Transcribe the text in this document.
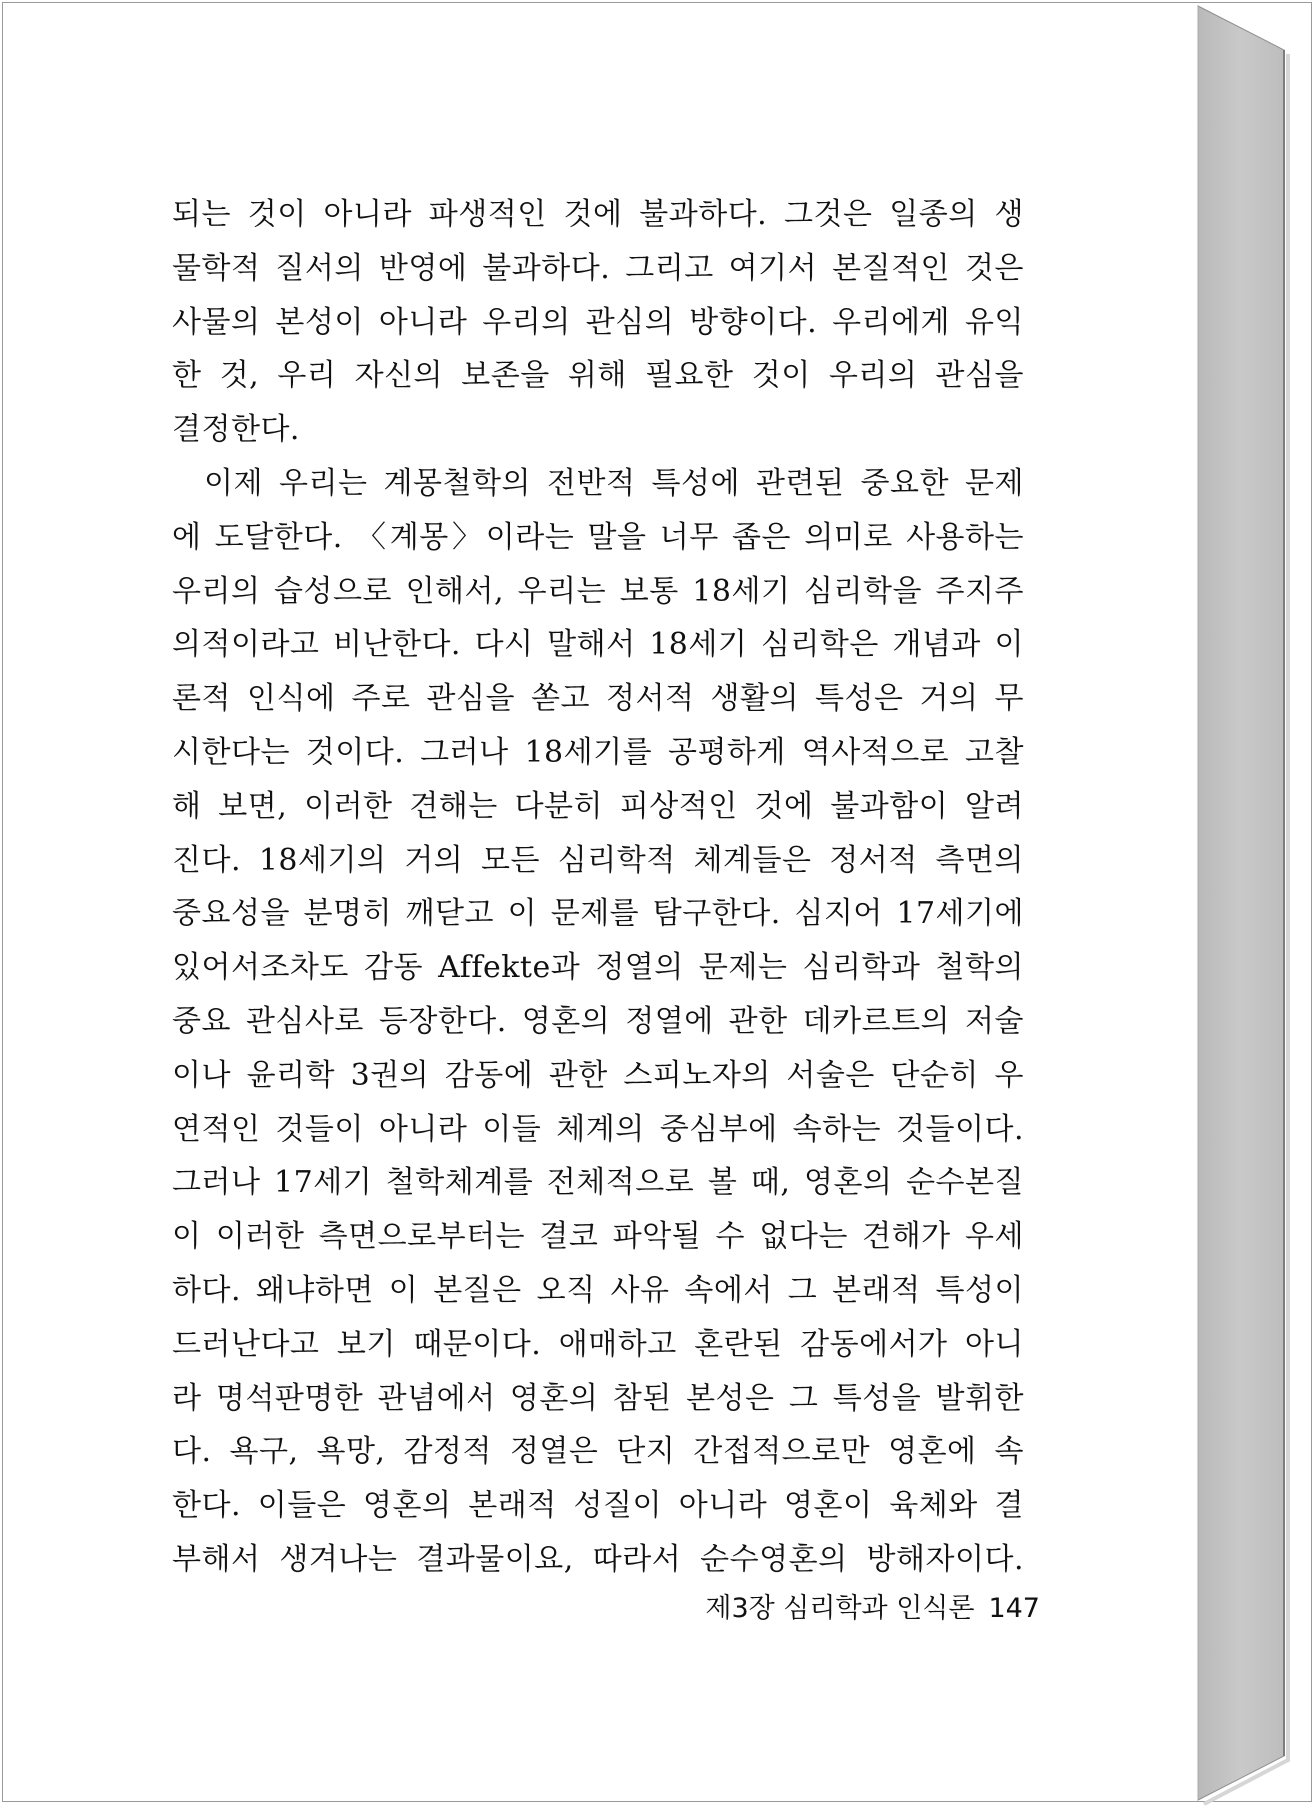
되는 것이 아니라 파생적인 것에 불과하다. 그것은 일종의 생
물학적 질서의 반영에 불과하다. 그리고 여기서 본질적인 것은
사물의 본성이 아니라 우리의 관심의 방향이다. 우리에게 유익
한 것, 우리 자신의 보존을 위해 필요한 것이 우리의 관심을
결정한다.
이제 우리는 계몽철학의 전반적 특성에 관련된 중요한 문제
에 도달한다. 〈계몽〉이라는 말을 너무 좁은 의미로 사용하는
우리의 습성으로 인해서, 우리는 보통 18세기 심리학을 주지주
의적이라고 비난한다. 다시 말해서 18세기 심리학은 개념과 이
론적 인식에 주로 관심을 쏟고 정서적 생활의 특성은 거의 무
시한다는 것이다. 그러나 18세기를 공평하게 역사적으로 고찰
해 보면, 이러한 견해는 다분히 피상적인 것에 불과함이 알려
진다. 18세기의 거의 모든 심리학적 체계들은 정서적 측면의
중요성을 분명히 깨닫고 이 문제를 탐구한다. 심지어 17세기에
있어서조차도 감동 Affekte과 정열의 문제는 심리학과 철학의
중요 관심사로 등장한다. 영혼의 정열에 관한 데카르트의 저술
이나 윤리학 3권의 감동에 관한 스피노자의 서술은 단순히 우
연적인 것들이 아니라 이들 체계의 중심부에 속하는 것들이다.
그러나 17세기 철학체계를 전체적으로 볼 때, 영혼의 순수본질
이 이러한 측면으로부터는 결코 파악될 수 없다는 견해가 우세
하다. 왜냐하면 이 본질은 오직 사유 속에서 그 본래적 특성이
드러난다고 보기 때문이다. 애매하고 혼란된 감동에서가 아니
라 명석판명한 관념에서 영혼의 참된 본성은 그 특성을 발휘한
다. 욕구, 욕망, 감정적 정열은 단지 간접적으로만 영혼에 속
한다. 이들은 영혼의 본래적 성질이 아니라 영혼이 육체와 결
부해서 생겨나는 결과물이요, 따라서 순수영혼의 방해자이다.
제3장 심리학과 인식론 147
